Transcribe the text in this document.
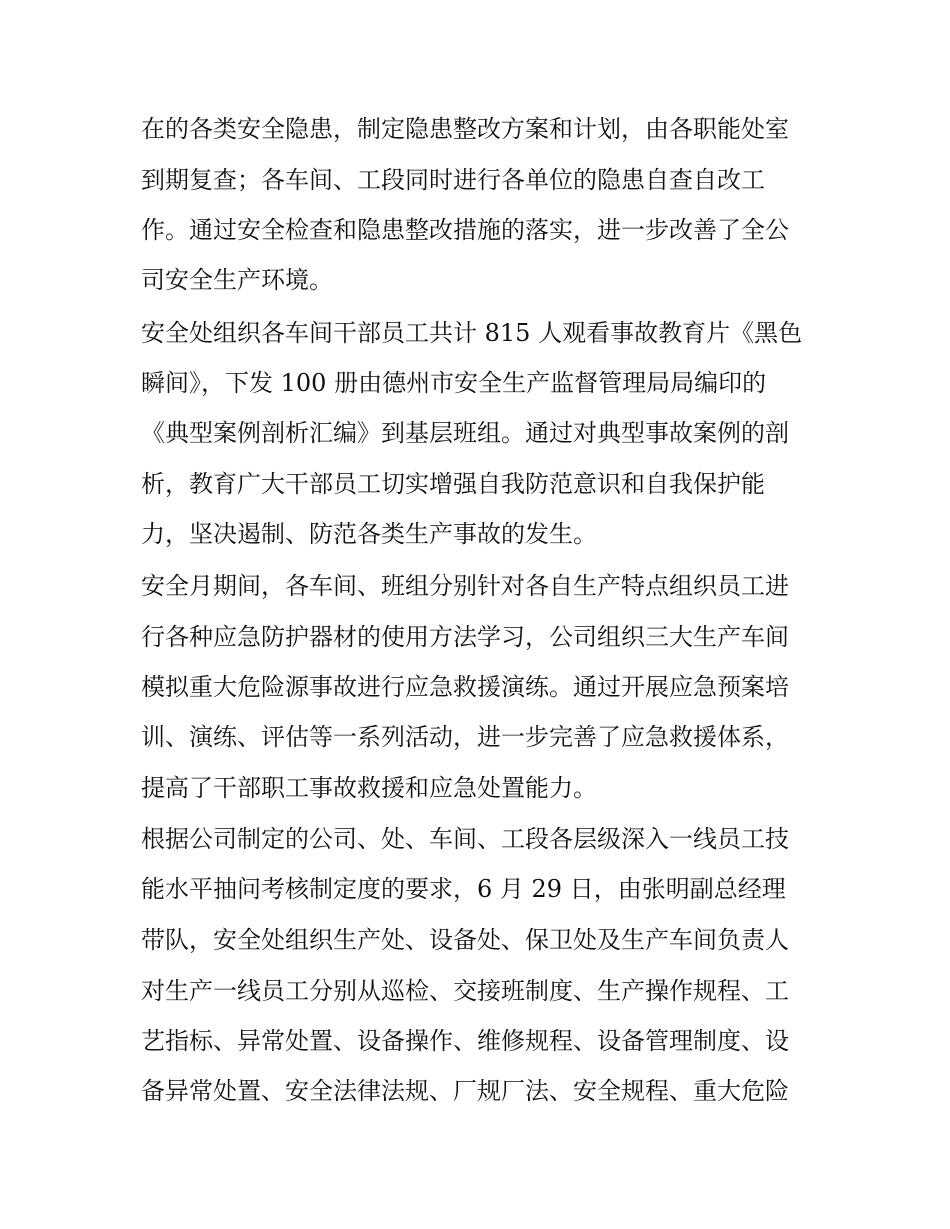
在的各类安全隐患，制定隐患整改方案和计划，由各职能处室
到期复查；各车间、工段同时进行各单位的隐患自查自改工
作。通过安全检查和隐患整改措施的落实，进一步改善了全公
司安全生产环境。
安全处组织各车间干部员工共计 815 人观看事故教育片《黑色
瞬间》，下发 100 册由德州市安全生产监督管理局局编印的
《典型案例剖析汇编》到基层班组。通过对典型事故案例的剖
析，教育广大干部员工切实增强自我防范意识和自我保护能
力，坚决遏制、防范各类生产事故的发生。
安全月期间，各车间、班组分别针对各自生产特点组织员工进
行各种应急防护器材的使用方法学习，公司组织三大生产车间
模拟重大危险源事故进行应急救援演练。通过开展应急预案培
训、演练、评估等一系列活动，进一步完善了应急救援体系，
提高了干部职工事故救援和应急处置能力。
根据公司制定的公司、处、车间、工段各层级深入一线员工技
能水平抽问考核制定度的要求，6 月 29 日，由张明副总经理
带队，安全处组织生产处、设备处、保卫处及生产车间负责人
对生产一线员工分别从巡检、交接班制度、生产操作规程、工
艺指标、异常处置、设备操作、维修规程、设备管理制度、设
备异常处置、安全法律法规、厂规厂法、安全规程、重大危险
